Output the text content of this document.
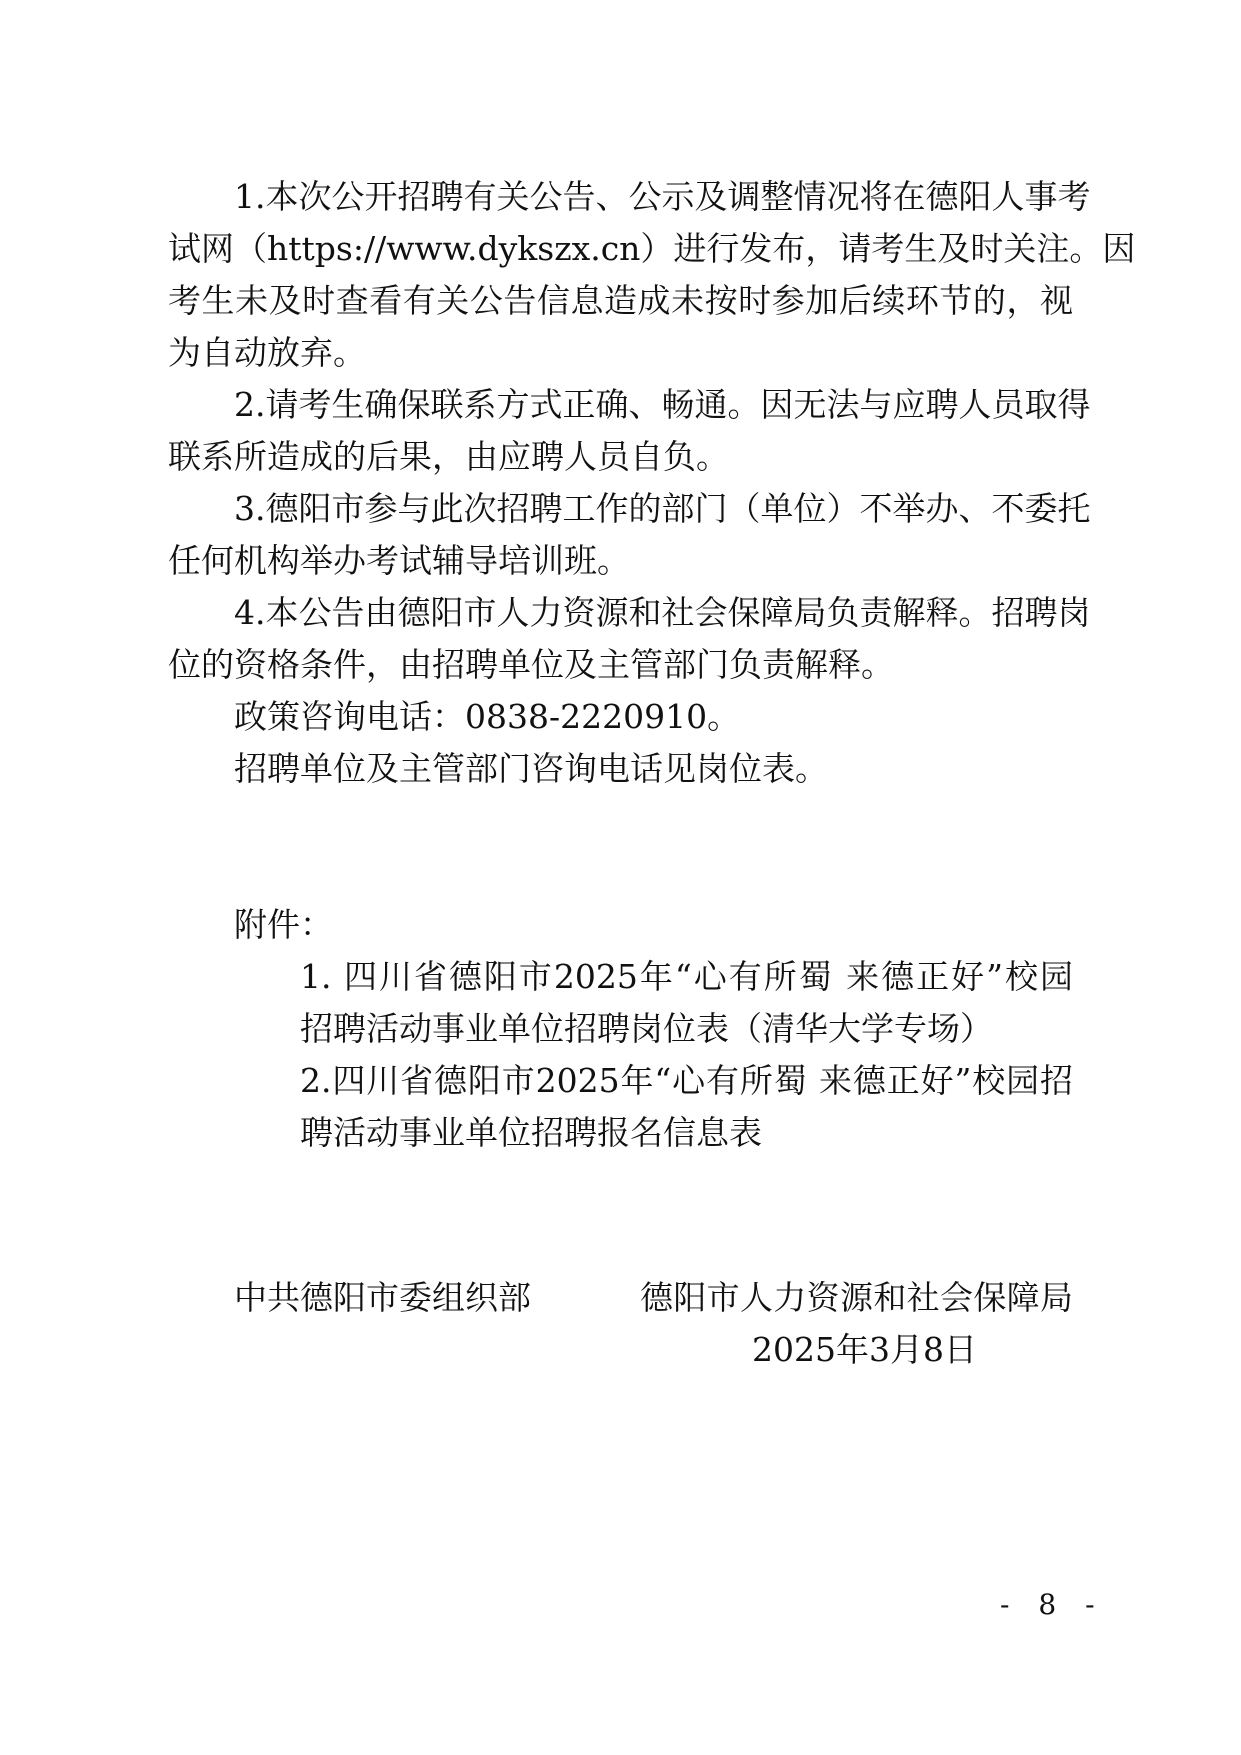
1.本次公开招聘有关公告、公示及调整情况将在德阳人事考
试网（https://www.dykszx.cn）进行发布，请考生及时关注。因
考生未及时查看有关公告信息造成未按时参加后续环节的，视
为自动放弃。
2.请考生确保联系方式正确、畅通。因无法与应聘人员取得
联系所造成的后果，由应聘人员自负。
3.德阳市参与此次招聘工作的部门（单位）不举办、不委托
任何机构举办考试辅导培训班。
4.本公告由德阳市人力资源和社会保障局负责解释。招聘岗
位的资格条件，由招聘单位及主管部门负责解释。
政策咨询电话：0838-2220910。
招聘单位及主管部门咨询电话见岗位表。
附件：
1. 四川省德阳市2025年“心有所蜀 来德正好”校园
招聘活动事业单位招聘岗位表（清华大学专场）
2.四川省德阳市2025年“心有所蜀 来德正好”校园招
聘活动事业单位招聘报名信息表
中共德阳市委组织部	德阳市人力资源和社会保障局
2025年3月8日
- 8 -
